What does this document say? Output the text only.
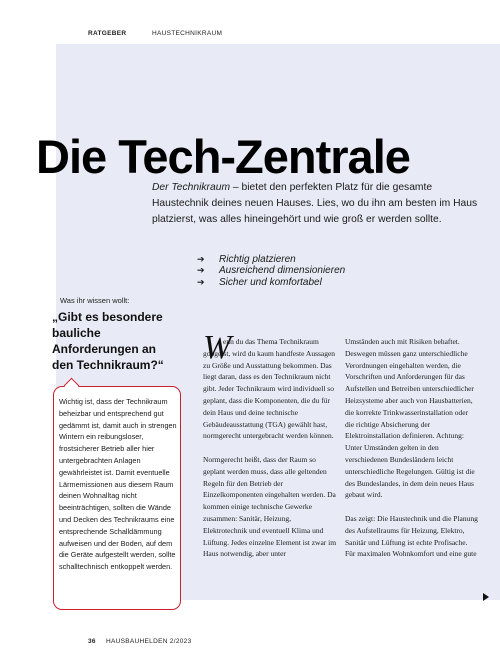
RATGEBER	HAUSTECHNIKRAUM
Die Tech-Zentrale
Der Technikraum – bietet den perfekten Platz für die gesamte Haustechnik deines neuen Hauses. Lies, wo du ihn am besten im Haus platzierst, was alles hineingehört und wie groß er werden sollte.
➔ Richtig platzieren
➔ Ausreichend dimensionieren
➔ Sicher und komfortabel
Was ihr wissen wollt:
„Gibt es besondere bauliche Anforderungen an den Technikraum?“
Wichtig ist, dass der Technikraum beheizbar und entsprechend gut gedämmt ist, damit auch in strengen Wintern ein reibungsloser, frostsicherer Betrieb aller hier untergebrachten Anlagen gewährleistet ist. Damit eventuelle Lärmemissionen aus diesem Raum deinen Wohnalltag nicht beeinträchtigen, sollten die Wände und Decken des Technikraums eine entsprechende Schalldämmung aufweisen und der Boden, auf dem die Geräte aufgestellt werden, sollte schalltechnisch entkoppelt werden.
W

enn du das Thema Technikraum googelst, wird du kaum handfeste Aussagen zu Größe und Ausstattung bekommen. Das liegt daran, dass es den Technikraum nicht gibt. Jeder Technikraum wird individuell so geplant, dass die Komponenten, die du für dein Haus und deine technische Gebäudeausstattung (TGA) gewählt hast, normgerecht untergebracht werden können.

Normgerecht heißt, dass der Raum so geplant werden muss, dass alle geltenden Regeln für den Betrieb der Einzelkomponenten eingehalten werden. Da kommen einige technische Gewerke zusammen: Sanitär, Heizung, Elektrotechnik und eventuell Klima und Lüftung. Jedes einzelne Element ist zwar im Haus notwendig, aber unter

Umständen auch mit Risiken behaftet. Deswegen müssen ganz unterschiedliche Verordnungen eingehalten werden, die Vorschriften und Anforderungen für das Aufstellen und Betreiben unterschiedlicher Heizsysteme aber auch von Hausbatterien, die korrekte Trinkwasserinstallation oder die richtige Absicherung der Elektroinstallation definieren. Achtung: Unter Umständen gelten in den verschiedenen Bundesländern leicht unterschiedliche Regelungen. Gültig ist die des Bundeslandes, in dem dein neues Haus gebaut wird.

Das zeigt: Die Haustechnik und die Planung des Aufstellraums für Heizung, Elektro, Sanitär und Lüftung ist echte Profisache. Für maximalen Wohnkomfort und eine gute

36 HAUSBAUHELDEN 2/2023
